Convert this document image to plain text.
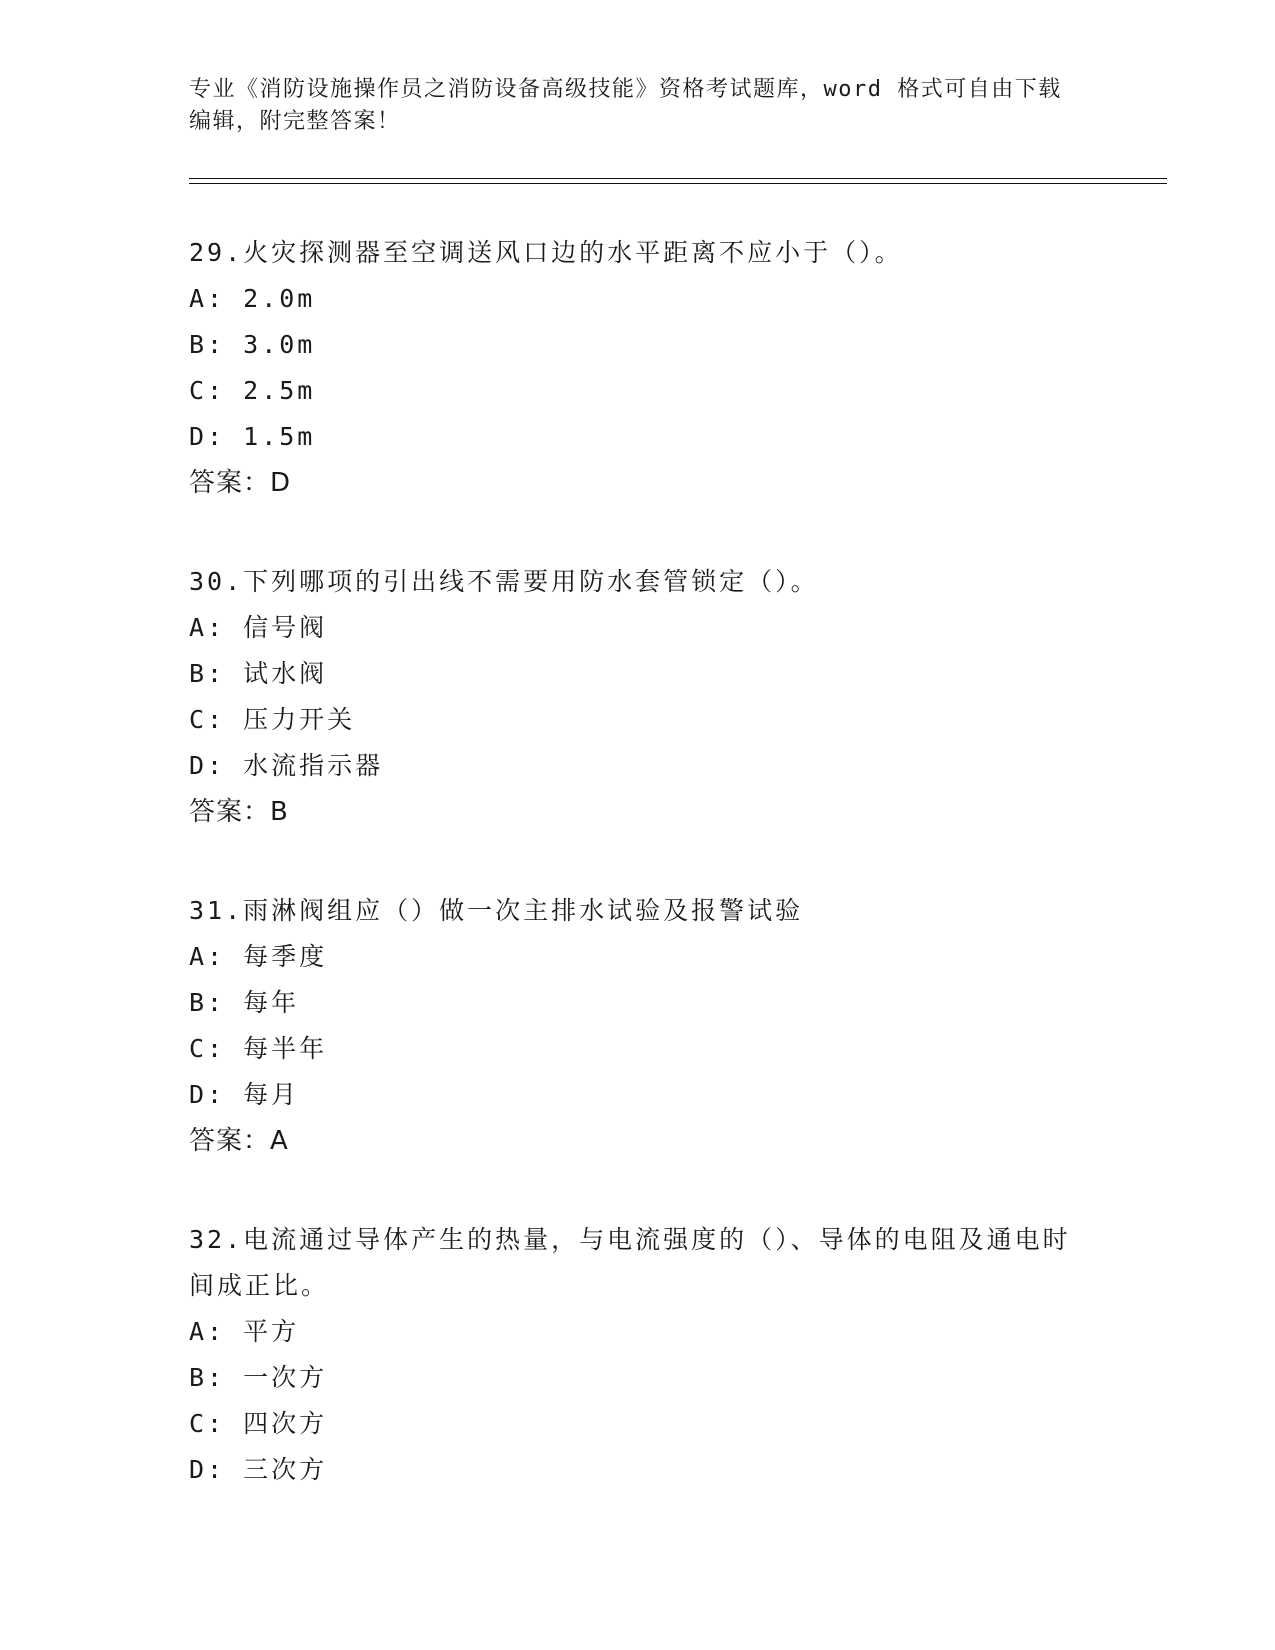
专业《消防设施操作员之消防设备高级技能》资格考试题库，word 格式可自由下载编辑，附完整答案！
29.火灾探测器至空调送风口边的水平距离不应小于（）。
A: 2.0m
B: 3.0m
C: 2.5m
D: 1.5m
答案：D
30.下列哪项的引出线不需要用防水套管锁定（）。
A: 信号阀
B: 试水阀
C: 压力开关
D: 水流指示器
答案：B
31.雨淋阀组应（）做一次主排水试验及报警试验
A: 每季度
B: 每年
C: 每半年
D: 每月
答案：A
32.电流通过导体产生的热量，与电流强度的（）、导体的电阻及通电时间成正比。
A: 平方
B: 一次方
C: 四次方
D: 三次方
